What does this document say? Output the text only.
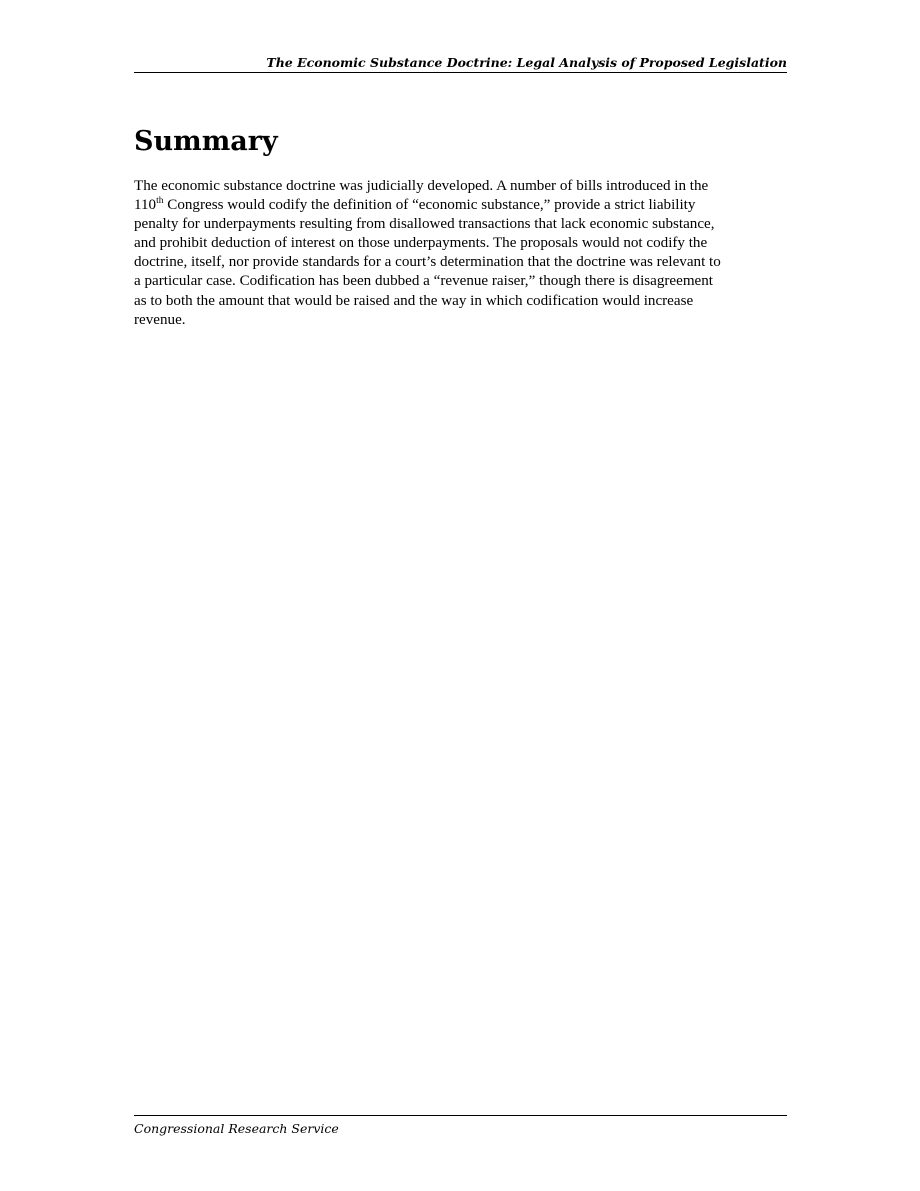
The Economic Substance Doctrine: Legal Analysis of Proposed Legislation
Summary
The economic substance doctrine was judicially developed. A number of bills introduced in the
110th Congress would codify the definition of “economic substance,” provide a strict liability
penalty for underpayments resulting from disallowed transactions that lack economic substance,
and prohibit deduction of interest on those underpayments. The proposals would not codify the
doctrine, itself, nor provide standards for a court’s determination that the doctrine was relevant to
a particular case. Codification has been dubbed a “revenue raiser,” though there is disagreement
as to both the amount that would be raised and the way in which codification would increase
revenue.
Congressional Research Service
